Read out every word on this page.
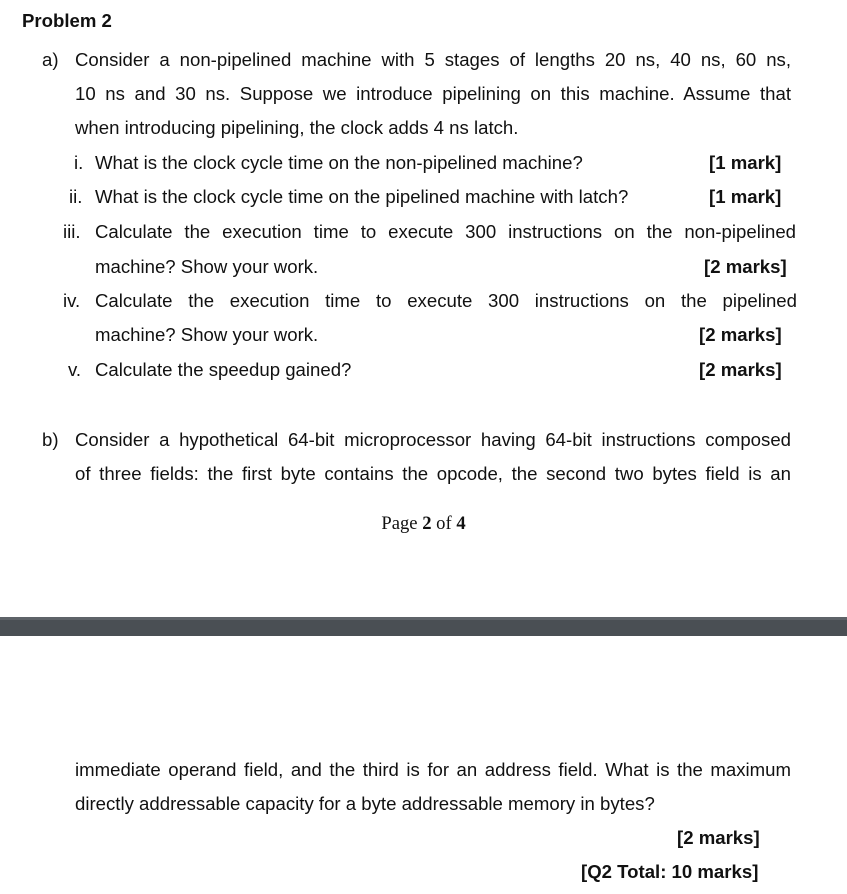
Problem 2
a) Consider a non-pipelined machine with 5 stages of lengths 20 ns, 40 ns, 60 ns,
10 ns and 30 ns. Suppose we introduce pipelining on this machine. Assume that
when introducing pipelining, the clock adds 4 ns latch.
i. What is the clock cycle time on the non-pipelined machine?	[1 mark]
ii. What is the clock cycle time on the pipelined machine with latch?	[1 mark]
iii. Calculate the execution time to execute 300 instructions on the non-pipelined
machine? Show your work.	[2 marks]
iv. Calculate the execution time to execute 300 instructions on the pipelined
machine? Show your work.	[2 marks]
v. Calculate the speedup gained?	[2 marks]
b) Consider a hypothetical 64-bit microprocessor having 64-bit instructions composed
of three fields: the first byte contains the opcode, the second two bytes field is an
Page 2 of 4
immediate operand field, and the third is for an address field. What is the maximum
directly addressable capacity for a byte addressable memory in bytes?
[2 marks]
[Q2 Total: 10 marks]
